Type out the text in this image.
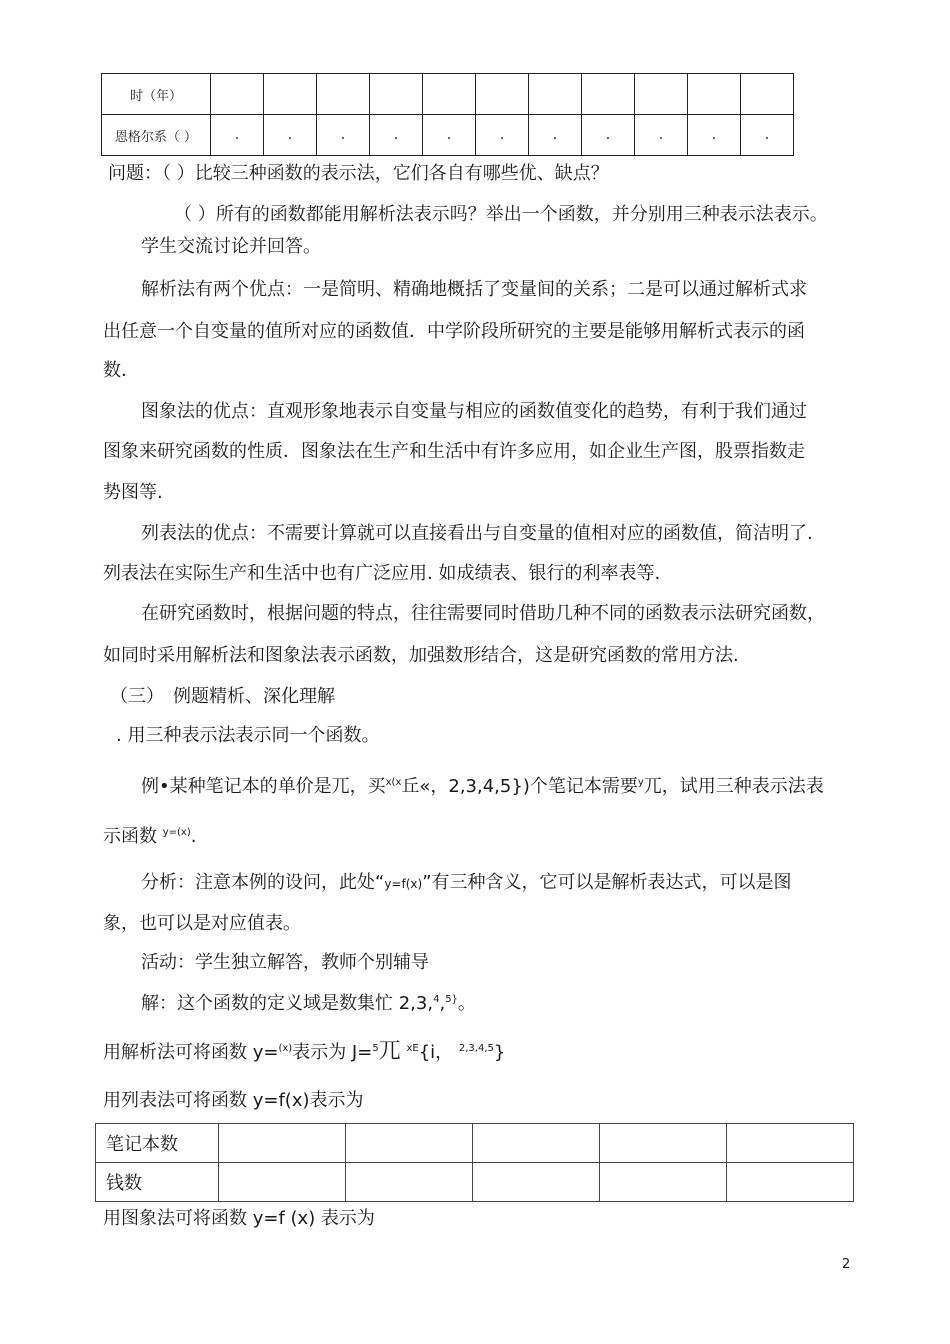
时（年）											
恩格尔系（ ）	.	.	.	.	.	.	.	.	.	.	.
问题：（ ）比较三种函数的表示法，它们各自有哪些优、缺点？
（ ）所有的函数都能用解析法表示吗？举出一个函数，并分别用三种表示法表示。
学生交流讨论并回答。
解析法有两个优点：一是简明、精确地概括了变量间的关系；二是可以通过解析式求
出任意一个自变量的值所对应的函数值．中学阶段所研究的主要是能够用解析式表示的函
数.
图象法的优点：直观形象地表示自变量与相应的函数值变化的趋势，有利于我们通过
图象来研究函数的性质．图象法在生产和生活中有许多应用，如企业生产图，股票指数走
势图等.
列表法的优点：不需要计算就可以直接看出与自变量的值相对应的函数值，简洁明了.
列表法在实际生产和生活中也有广泛应用. 如成绩表、银行的利率表等.
在研究函数时，根据问题的特点，往往需要同时借助几种不同的函数表示法研究函数，
如同时采用解析法和图象法表示函数，加强数形结合，这是研究函数的常用方法.
（三）　例题精析、深化理解
. 用三种表示法表示同一个函数。
例•某种笔记本的单价是兀，买$^{x(x}$丘«，2,3,4,5})个笔记本需要$^y$兀，试用三种表示法表
示函数 $^{y=(x)}$.
分析：注意本例的设问，此处“y=f(x)”有三种含义，它可以是解析表达式，可以是图
象，也可以是对应值表。
活动：学生独立解答，教师个别辅导
解：这个函数的定义域是数集忙 2,3,$^4$,$^{5\}}$。
用解析法可将函数 y=$^{(x)}$表示为 J=$^5$兀 $^{xE}${i， $^{2,3,4,5}$}
用列表法可将函数 y=f(x)表示为
笔记本数					
钱数					
用图象法可将函数 y=f (x) 表示为
2
